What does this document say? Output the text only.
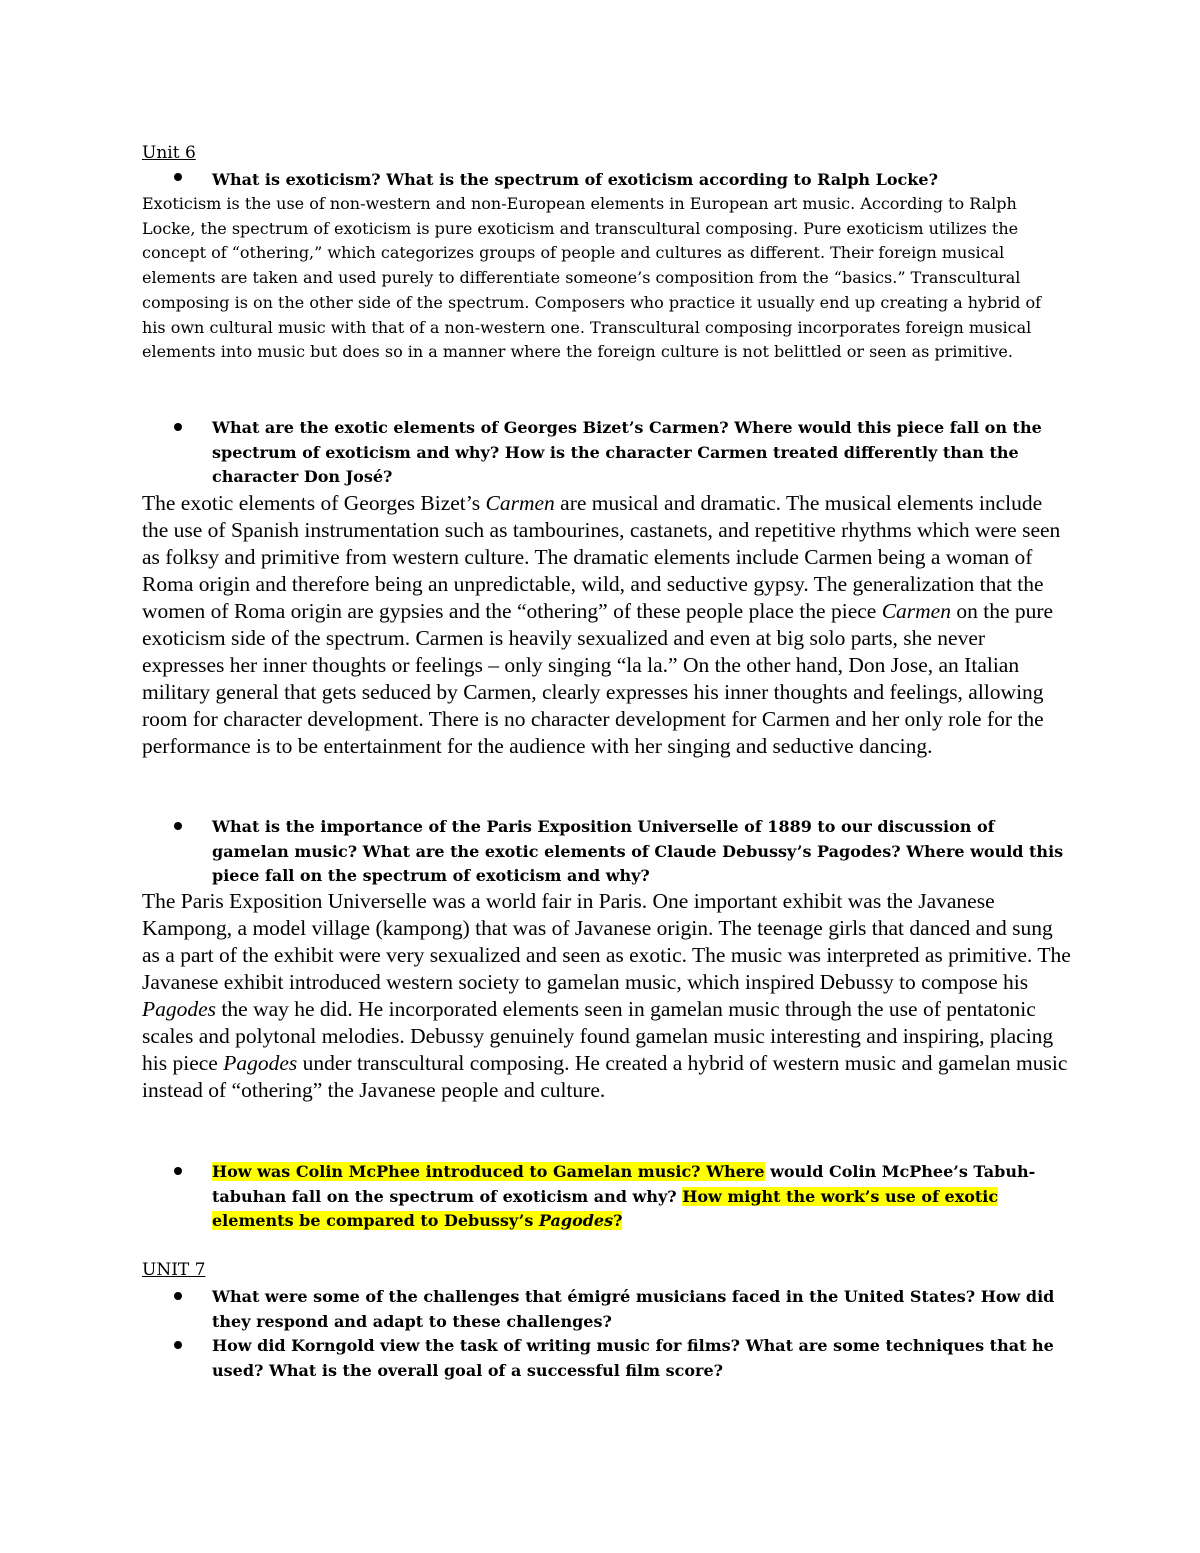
Unit 6
What is exoticism? What is the spectrum of exoticism according to Ralph Locke?
Exoticism is the use of non-western and non-European elements in European art music. According to Ralph Locke, the spectrum of exoticism is pure exoticism and transcultural composing. Pure exoticism utilizes the concept of “othering,” which categorizes groups of people and cultures as different. Their foreign musical elements are taken and used purely to differentiate someone’s composition from the “basics.” Transcultural composing is on the other side of the spectrum. Composers who practice it usually end up creating a hybrid of his own cultural music with that of a non-western one. Transcultural composing incorporates foreign musical elements into music but does so in a manner where the foreign culture is not belittled or seen as primitive.
What are the exotic elements of Georges Bizet’s Carmen? Where would this piece fall on the spectrum of exoticism and why? How is the character Carmen treated differently than the character Don José?
The exotic elements of Georges Bizet’s Carmen are musical and dramatic. The musical elements include the use of Spanish instrumentation such as tambourines, castanets, and repetitive rhythms which were seen as folksy and primitive from western culture. The dramatic elements include Carmen being a woman of Roma origin and therefore being an unpredictable, wild, and seductive gypsy. The generalization that the women of Roma origin are gypsies and the “othering” of these people place the piece Carmen on the pure exoticism side of the spectrum. Carmen is heavily sexualized and even at big solo parts, she never expresses her inner thoughts or feelings – only singing “la la.” On the other hand, Don Jose, an Italian military general that gets seduced by Carmen, clearly expresses his inner thoughts and feelings, allowing room for character development. There is no character development for Carmen and her only role for the performance is to be entertainment for the audience with her singing and seductive dancing.
What is the importance of the Paris Exposition Universelle of 1889 to our discussion of gamelan music? What are the exotic elements of Claude Debussy’s Pagodes? Where would this piece fall on the spectrum of exoticism and why?
The Paris Exposition Universelle was a world fair in Paris. One important exhibit was the Javanese Kampong, a model village (kampong) that was of Javanese origin. The teenage girls that danced and sung as a part of the exhibit were very sexualized and seen as exotic. The music was interpreted as primitive. The Javanese exhibit introduced western society to gamelan music, which inspired Debussy to compose his Pagodes the way he did. He incorporated elements seen in gamelan music through the use of pentatonic scales and polytonal melodies. Debussy genuinely found gamelan music interesting and inspiring, placing his piece Pagodes under transcultural composing. He created a hybrid of western music and gamelan music instead of “othering” the Javanese people and culture.
How was Colin McPhee introduced to Gamelan music? Where would Colin McPhee’s Tabuh-tabuhan fall on the spectrum of exoticism and why? How might the work’s use of exotic elements be compared to Debussy’s Pagodes?
UNIT 7
What were some of the challenges that émigré musicians faced in the United States? How did they respond and adapt to these challenges?
How did Korngold view the task of writing music for films? What are some techniques that he used? What is the overall goal of a successful film score?
